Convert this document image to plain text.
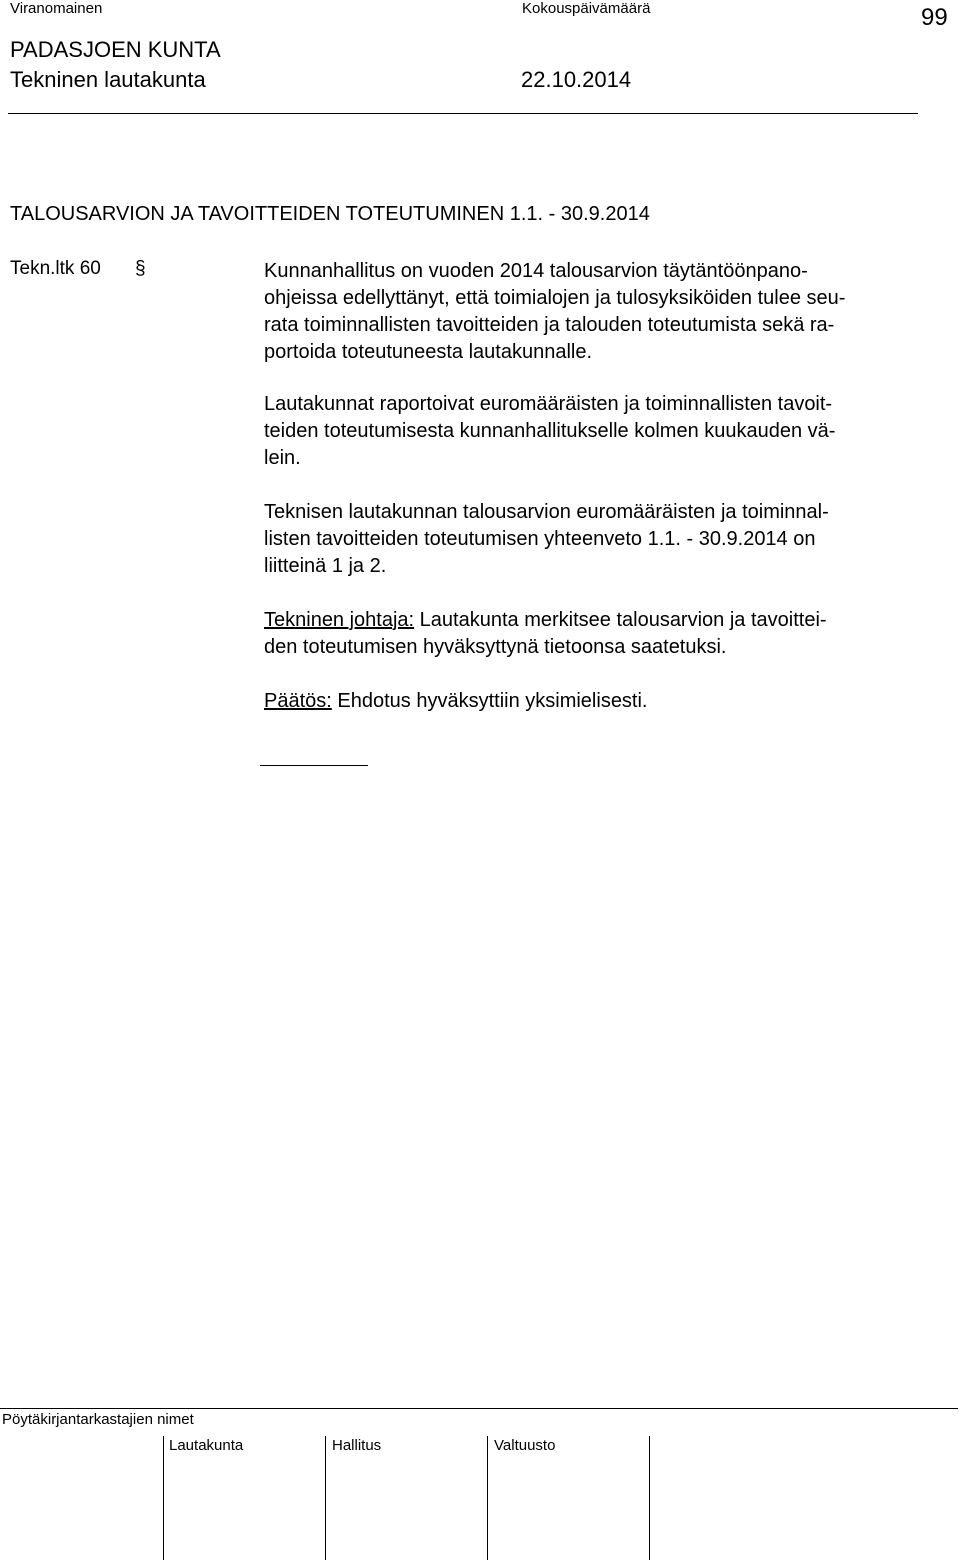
Viranomainen	Kokouspäivämäärä	99
PADASJOEN KUNTA
Tekninen lautakunta	22.10.2014
TALOUSARVION JA TAVOITTEIDEN TOTEUTUMINEN 1.1. - 30.9.2014
Tekn.ltk 60 §	Kunnanhallitus on vuoden 2014 talousarvion täytäntöönpano-

ohjeissa edellyttänyt, että toimialojen ja tulosyksiköiden tulee seu-

rata toiminnallisten tavoitteiden ja talouden toteutumista sekä ra-

portoida toteutuneesta lautakunnalle.

Lautakunnat raportoivat euromääräisten ja toiminnallisten tavoit-

teiden toteutumisesta kunnanhallitukselle kolmen kuukauden vä-

lein.

Teknisen lautakunnan talousarvion euromääräisten ja toiminnal-

listen tavoitteiden toteutumisen yhteenveto 1.1. - 30.9.2014 on

liitteinä 1 ja 2.

Tekninen johtaja: Lautakunta merkitsee talousarvion ja tavoittei-

den toteutumisen hyväksyttynä tietoonsa saatetuksi.

Päätös: Ehdotus hyväksyttiin yksimielisesti.

Pöytäkirjantarkastajien nimet
Lautakunta	Hallitus	Valtuusto
